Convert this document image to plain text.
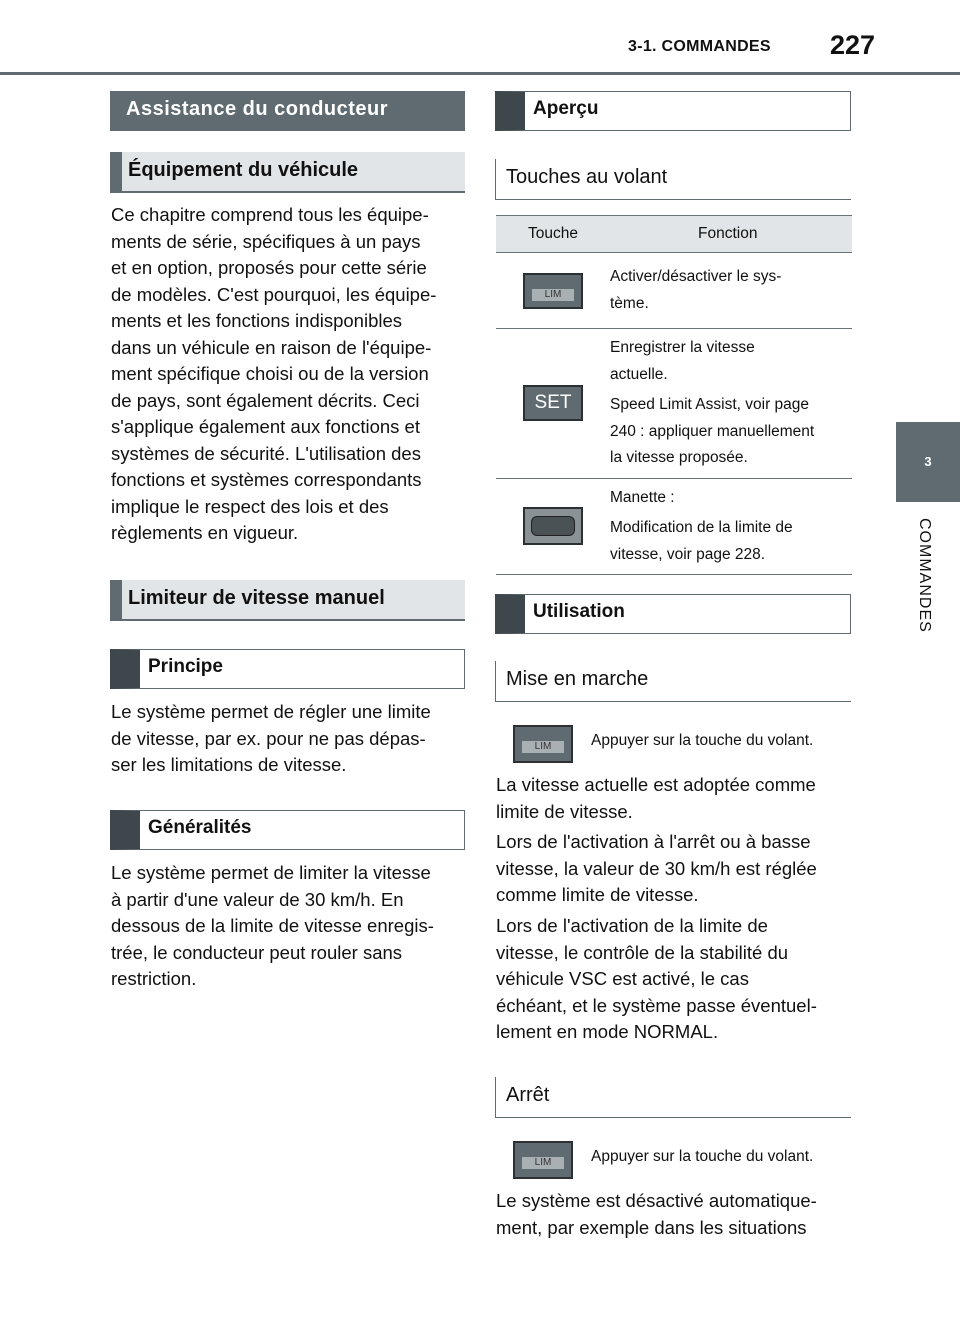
3-1. COMMANDES 227
3
COMMANDES
Assistance du conducteur
Équipement du véhicule

Ce chapitre comprend tous les équipe-
ments de série, spécifiques à un pays
et en option, proposés pour cette série
de modèles. C'est pourquoi, les équipe-
ments et les fonctions indisponibles
dans un véhicule en raison de l'équipe-
ment spécifique choisi ou de la version
de pays, sont également décrits. Ceci
s'applique également aux fonctions et
systèmes de sécurité. L'utilisation des
fonctions et systèmes correspondants
implique le respect des lois et des
règlements en vigueur.

Limiteur de vitesse manuel
Principe

Le système permet de régler une limite
de vitesse, par ex. pour ne pas dépas-
ser les limitations de vitesse.

Généralités

Le système permet de limiter la vitesse
à partir d'une valeur de 30 km/h. En
dessous de la limite de vitesse enregis-
trée, le conducteur peut rouler sans
restriction.

Aperçu
Touches au volant
Touche	Fonction

LIM	Activer/désactiver le sys-
tème.

SET	Enregistrer la vitesse
actuelle.
Speed Limit Assist, voir page
240 : appliquer manuellement
la vitesse proposée.

	Manette :
Modification de la limite de
vitesse, voir page 228.
Utilisation
Mise en marche
LIM	Appuyer sur la touche du volant.

La vitesse actuelle est adoptée comme
limite de vitesse.

Lors de l'activation à l'arrêt ou à basse
vitesse, la valeur de 30 km/h est réglée
comme limite de vitesse.

Lors de l'activation de la limite de
vitesse, le contrôle de la stabilité du
véhicule VSC est activé, le cas
échéant, et le système passe éventuel-
lement en mode NORMAL.

Arrêt
LIM	Appuyer sur la touche du volant.

Le système est désactivé automatique-
ment, par exemple dans les situations
